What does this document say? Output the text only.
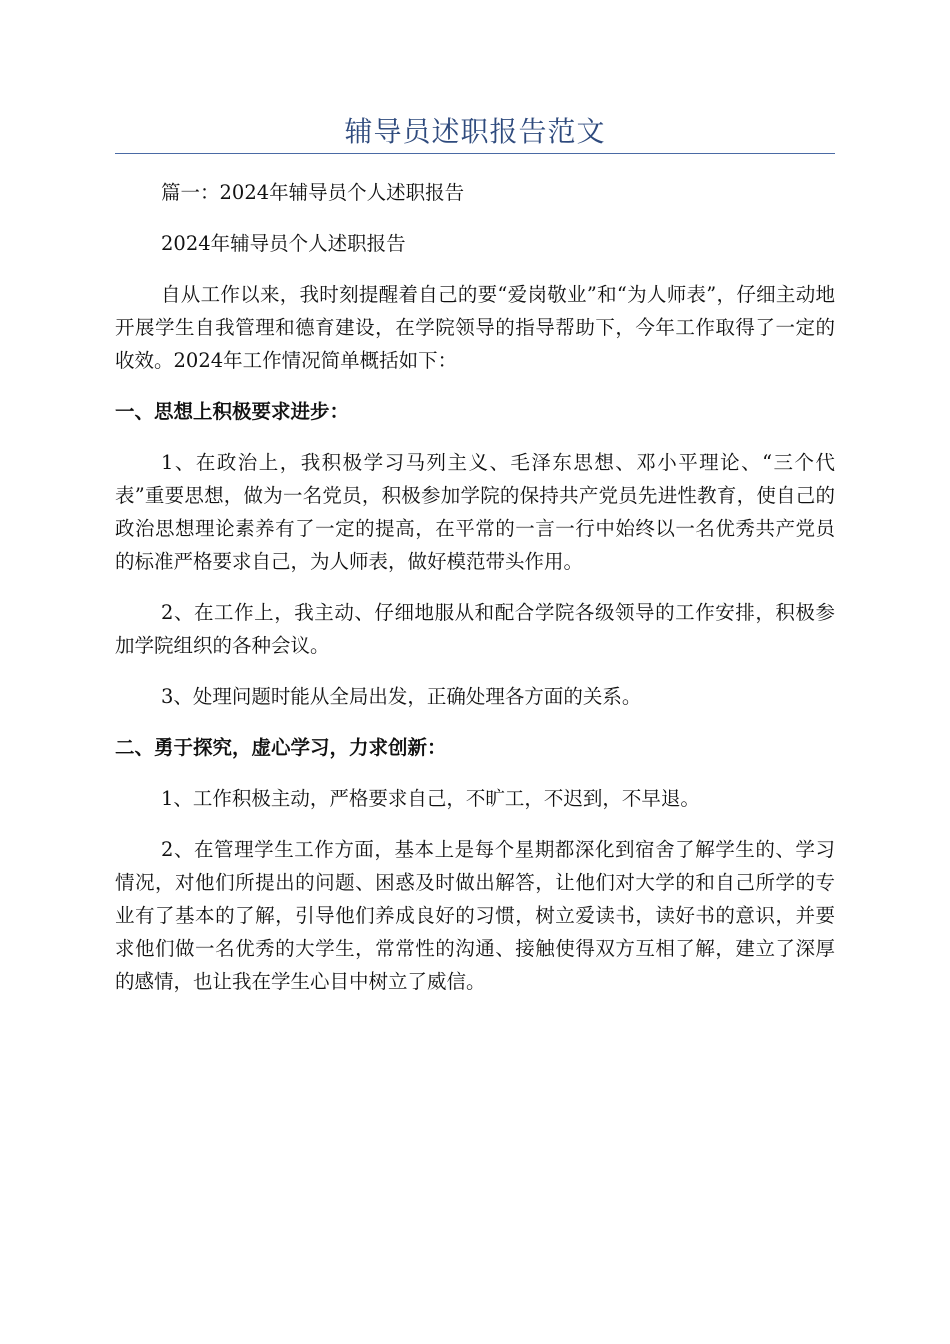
辅导员述职报告范文

篇一：2024年辅导员个人述职报告

2024年辅导员个人述职报告

自从工作以来，我时刻提醒着自己的要“爱岗敬业”和“为人师表”，仔细主动地开展学生自我管理和德育建设，在学院领导的指导帮助下，今年工作取得了一定的收效。2024年工作情况简单概括如下：

一、思想上积极要求进步：

1、在政治上，我积极学习马列主义、毛泽东思想、邓小平理论、“三个代表”重要思想，做为一名党员，积极参加学院的保持共产党员先进性教育，使自己的政治思想理论素养有了一定的提高，在平常的一言一行中始终以一名优秀共产党员的标准严格要求自己，为人师表，做好模范带头作用。

2、在工作上，我主动、仔细地服从和配合学院各级领导的工作安排，积极参加学院组织的各种会议。

3、处理问题时能从全局出发，正确处理各方面的关系。

二、勇于探究，虚心学习，力求创新：

1、工作积极主动，严格要求自己，不旷工，不迟到，不早退。

2、在管理学生工作方面，基本上是每个星期都深化到宿舍了解学生的、学习情况，对他们所提出的问题、困惑及时做出解答，让他们对大学的和自己所学的专业有了基本的了解，引导他们养成良好的习惯，树立爱读书，读好书的意识，并要求他们做一名优秀的大学生，常常性的沟通、接触使得双方互相了解，建立了深厚的感情，也让我在学生心目中树立了威信。
